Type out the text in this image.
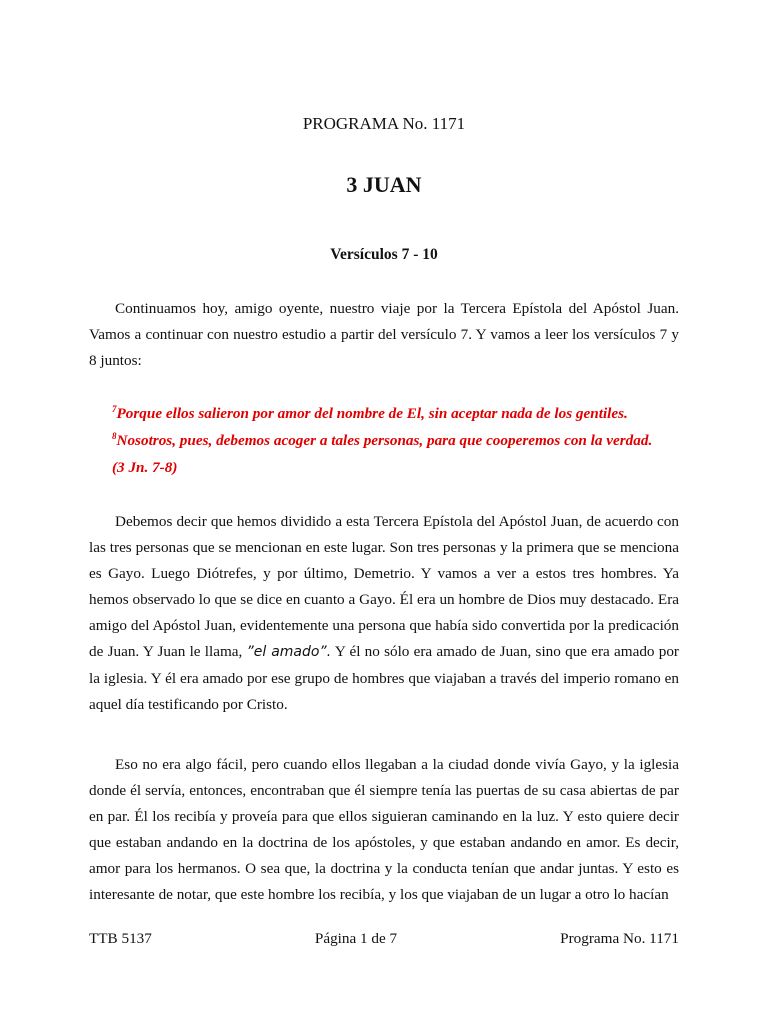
PROGRAMA No. 1171
3 JUAN
Versículos 7 - 10

Continuamos hoy, amigo oyente, nuestro viaje por la Tercera Epístola del Apóstol Juan. Vamos a continuar con nuestro estudio a partir del versículo 7. Y vamos a leer los versículos 7 y 8 juntos:

$^7$Porque ellos salieron por amor del nombre de El, sin aceptar nada de los gentiles.
$^8$Nosotros, pues, debemos acoger a tales personas, para que cooperemos con la verdad.
(3 Jn. 7-8)

Debemos decir que hemos dividido a esta Tercera Epístola del Apóstol Juan, de acuerdo con las tres personas que se mencionan en este lugar. Son tres personas y la primera que se menciona es Gayo. Luego Diótrefes, y por último, Demetrio. Y vamos a ver a estos tres hombres. Ya hemos observado lo que se dice en cuanto a Gayo. Él era un hombre de Dios muy destacado. Era amigo del Apóstol Juan, evidentemente una persona que había sido convertida por la predicación de Juan. Y Juan le llama, ”el amado”. Y él no sólo era amado de Juan, sino que era amado por la iglesia. Y él era amado por ese grupo de hombres que viajaban a través del imperio romano en aquel día testificando por Cristo.

Eso no era algo fácil, pero cuando ellos llegaban a la ciudad donde vivía Gayo, y la iglesia donde él servía, entonces, encontraban que él siempre tenía las puertas de su casa abiertas de par en par. Él los recibía y proveía para que ellos siguieran caminando en la luz. Y esto quiere decir que estaban andando en la doctrina de los apóstoles, y que estaban andando en amor. Es decir, amor para los hermanos. O sea que, la doctrina y la conducta tenían que andar juntas. Y esto es interesante de notar, que este hombre los recibía, y los que viajaban de un lugar a otro lo hacían

TTB 5137	Página 1 de 7	Programa No. 1171
